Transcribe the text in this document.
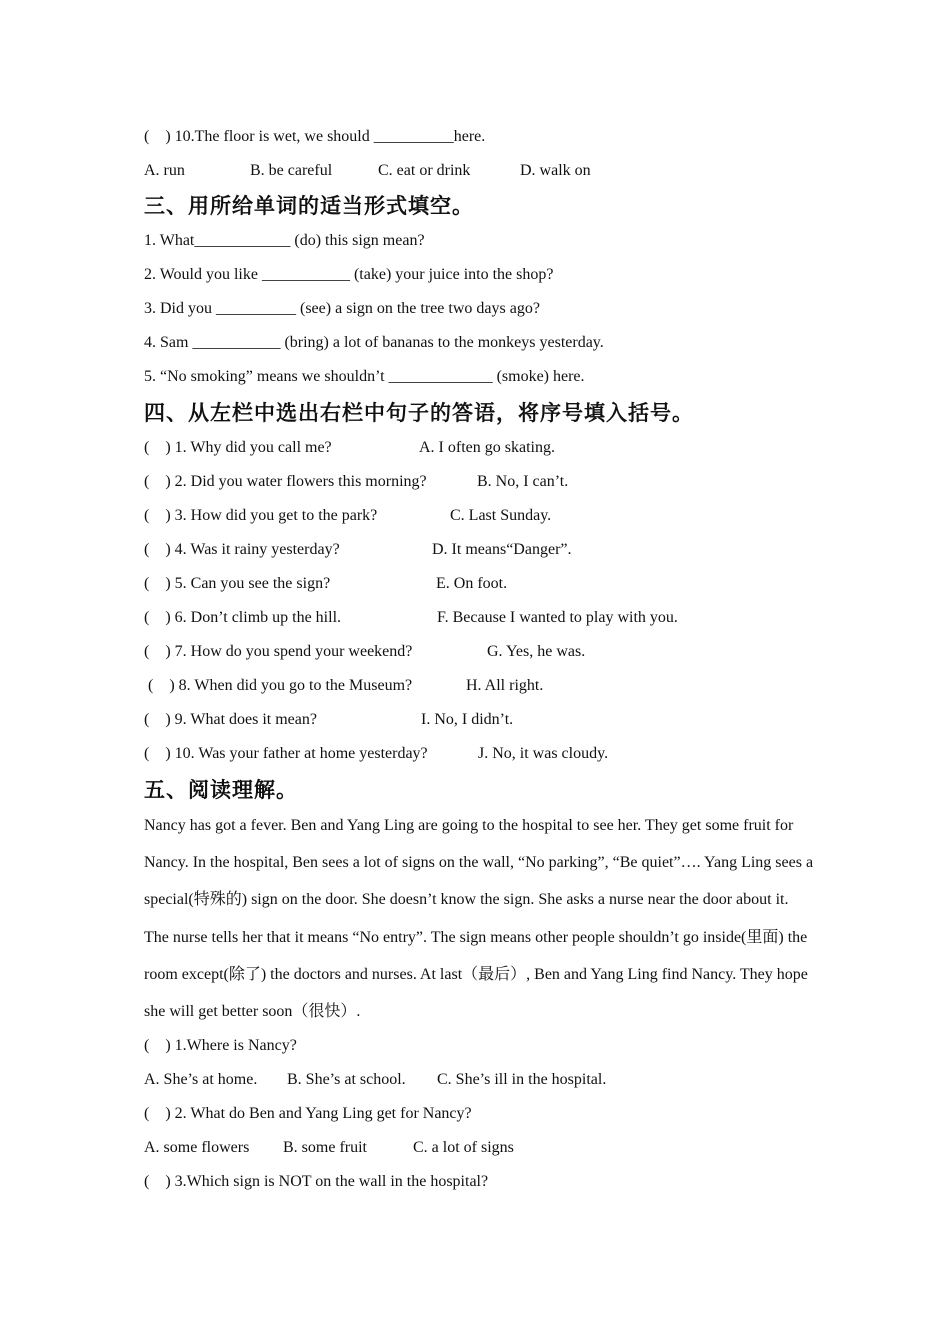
(    ) 10.The floor is wet, we should __________here.

A. run

	B. be careful

	C. eat or drink

	D. walk on

三、用所给单词的适当形式填空。
1. What____________ (do) this sign mean?
2. Would you like ___________ (take) your juice into the shop?
3. Did you __________ (see) a sign on the tree two days ago?
4. Sam ___________ (bring) a lot of bananas to the monkeys yesterday.
5. “No smoking” means we shouldn’t _____________ (smoke) here.
四、从左栏中选出右栏中句子的答语，将序号填入括号。

(    ) 1. Why did you call me?

	A. I often go skating.

(    ) 2. Did you water flowers this morning?

	B. No, I can’t.

(    ) 3. How did you get to the park?

	C. Last Sunday.

(    ) 4. Was it rainy yesterday?

	D. It means“Danger”.

(    ) 5. Can you see the sign?

	E. On foot.

(    ) 6. Don’t climb up the hill.

	F. Because I wanted to play with you.

(    ) 7. How do you spend your weekend?

	G. Yes, he was.

(    ) 8. When did you go to the Museum?

	H. All right.

(    ) 9. What does it mean?

	I. No, I didn’t.

(    ) 10. Was your father at home yesterday?

	J. No, it was cloudy.

五、阅读理解。
Nancy has got a fever. Ben and Yang Ling are going to the hospital to see her. They get some fruit for Nancy. In the hospital, Ben sees a lot of signs on the wall, “No parking”, “Be quiet”…. Yang Ling sees a special(特殊的) sign on the door. She doesn’t know the sign. She asks a nurse near the door about it. The nurse tells her that it means “No entry”. The sign means other people shouldn’t go inside(里面) the room except(除了) the doctors and nurses. At last（最后）, Ben and Yang Ling find Nancy. They hope she will get better soon（很快）.
(    ) 1.Where is Nancy?

A. She’s at home.

B. She’s at school.

C. She’s ill in the hospital.

(    ) 2. What do Ben and Yang Ling get for Nancy?

A. some flowers

B. some fruit

	C. a lot of signs

(    ) 3.Which sign is NOT on the wall in the hospital?
